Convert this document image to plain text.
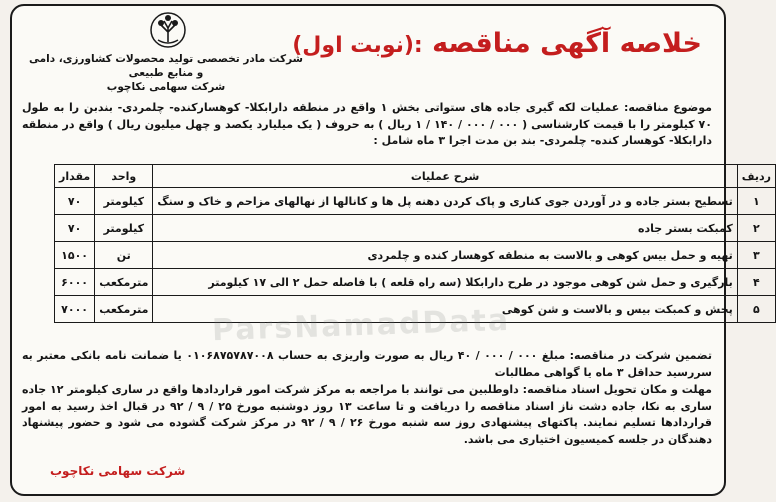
خلاصه آگهی مناقصه :(نوبت اول)
شرکت مادر تخصصی تولید محصولات کشاورزی، دامی و منابع طبیعی
شرکت سهامی نکاچوب
موضوع مناقصه: عملیات لکه گیری جاده های ستواتی بخش ۱ واقع در منطقه دارابکلا- کوهسارکنده- چلمردی- بندبن را به طول ۷۰ کیلومتر را با قیمت کارشناسی ( ۰۰۰ / ۰۰۰ / ۱۴۰ / ۱ ریال ) به حروف ( یک میلیارد یکصد و چهل میلیون ریال ) واقع در منطقه دارابکلا- کوهسار کنده- چلمردی- بند بن مدت اجرا ۳ ماه شامل :
ردیف	شرح عملیات	واحد	مقدار
۱	تسطیح بستر جاده و در آوردن جوی کناری و پاک کردن دهنه پل ها و کانالها از نهالهای مزاحم و خاک و سنگ	کیلومتر	۷۰
۲	کمبکت بستر جاده	کیلومتر	۷۰
۳	تهیه و حمل بیس کوهی و بالاست به منطقه کوهسار کنده و چلمردی	تن	۱۵۰۰
۴	بارگیری و حمل شن کوهی موجود در طرح دارابکلا (سه راه قلعه ) با فاصله حمل ۲ الی ۱۷ کیلومتر	مترمکعب	۶۰۰۰
۵	پخش و کمبکت بیس و بالاست و شن کوهی	مترمکعب	۷۰۰۰	ParsNamadData
تضمین شرکت در مناقصه: مبلغ ۰۰۰ / ۰۰۰ / ۴۰ ریال به صورت واریزی به حساب ۰۱۰۶۸۷۵۷۸۷۰۰۸ یا ضمانت نامه بانکی معتبر به سررسید حداقل ۳ ماه یا گواهی مطالبات
مهلت و مکان تحویل اسناد مناقصه: داوطلبین می توانند با مراجعه به مرکز شرکت امور قراردادها واقع در ساری کیلومتر ۱۲ جاده ساری به نکا، جاده دشت ناز اسناد مناقصه را دریافت و تا ساعت ۱۳ روز دوشنبه مورخ ۲۵ / ۹ / ۹۲ در قبال اخذ رسید به امور قراردادها تسلیم نمایند. پاکتهای پیشنهادی روز سه شنبه مورخ ۲۶ / ۹ / ۹۲ در مرکز شرکت گشوده می شود و حضور پیشنهاد دهندگان در جلسه کمیسیون اختیاری می باشد.
شرکت سهامی نکاچوب
